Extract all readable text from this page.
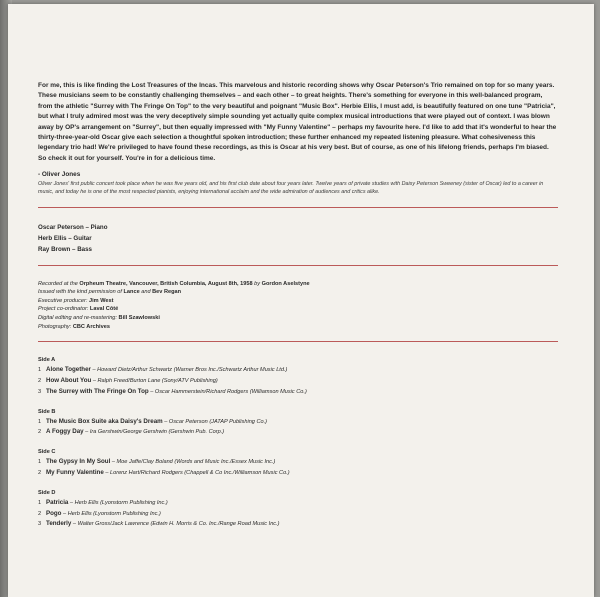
For me, this is like finding the Lost Treasures of the Incas. This marvelous and historic recording shows why Oscar Peterson's Trio remained on top for so many years. These musicians seem to be constantly challenging themselves – and each other – to great heights. There's something for everyone in this well-balanced program, from the athletic "Surrey with The Fringe On Top" to the very beautiful and poignant "Music Box". Herbie Ellis, I must add, is beautifully featured on one tune "Patricia", but what I truly admired most was the very deceptively simple sounding yet actually quite complex musical introductions that were played out of context. I was blown away by OP's arrangement on "Surrey", but then equally impressed with "My Funny Valentine" – perhaps my favourite here. I'd like to add that it's wonderful to hear the thirty-three-year-old Oscar give each selection a thoughtful spoken introduction; these further enhanced my repeated listening pleasure. What cohesiveness this legendary trio had! We're privileged to have found these recordings, as this is Oscar at his very best. But of course, as one of his lifelong friends, perhaps I'm biased. So check it out for yourself. You're in for a delicious time.

- Oliver Jones

Oliver Jones' first public concert took place when he was five years old, and his first club date about four years later. Twelve years of private studies with Daisy Peterson Sweeney (sister of Oscar) led to a career in music, and today he is one of the most respected pianists, enjoying international acclaim and the wide admiration of audiences and critics alike.

Oscar Peterson – Piano
Herb Ellis – Guitar
Ray Brown – Bass
Recorded at the Orpheum Theatre, Vancouver, British Columbia, August 8th, 1958 by Gordon Aselstyne
Issued with the kind permission of Lance and Bev Regan
Executive producer: Jim West
Project co-ordinator: Laval Côté
Digital editing and re-mastering: Bill Szawlowski
Photography: CBC Archives
Side A
1 Alone Together – Howard Dietz/Arthur Schwartz (Warner Bros Inc./Schwartz Arthur Music Ltd.)
2 How About You – Ralph Freed/Burton Lane (Sony/ATV Publishing)
3 The Surrey with The Fringe On Top – Oscar Hammerstein/Richard Rodgers (Williamson Music Co.)
Side B
1 The Music Box Suite aka Daisy's Dream – Oscar Peterson (JATAP Publishing Co.)
2 A Foggy Day – Ira Gershwin/George Gershwin (Gershwin Pub. Corp.)
Side C
1 The Gypsy In My Soul – Moe Jaffe/Clay Boland (Words and Music Inc./Essex Music Inc.)
2 My Funny Valentine – Lorenz Hart/Richard Rodgers (Chappell & Co Inc./Williamson Music Co.)
Side D
1 Patricia – Herb Ellis (Lyonstorm Publishing Inc.)
2 Pogo – Herb Ellis (Lyonstorm Publishing Inc.)
3 Tenderly – Walter Gross/Jack Lawrence (Edwin H. Morris & Co. Inc./Range Road Music Inc.)
